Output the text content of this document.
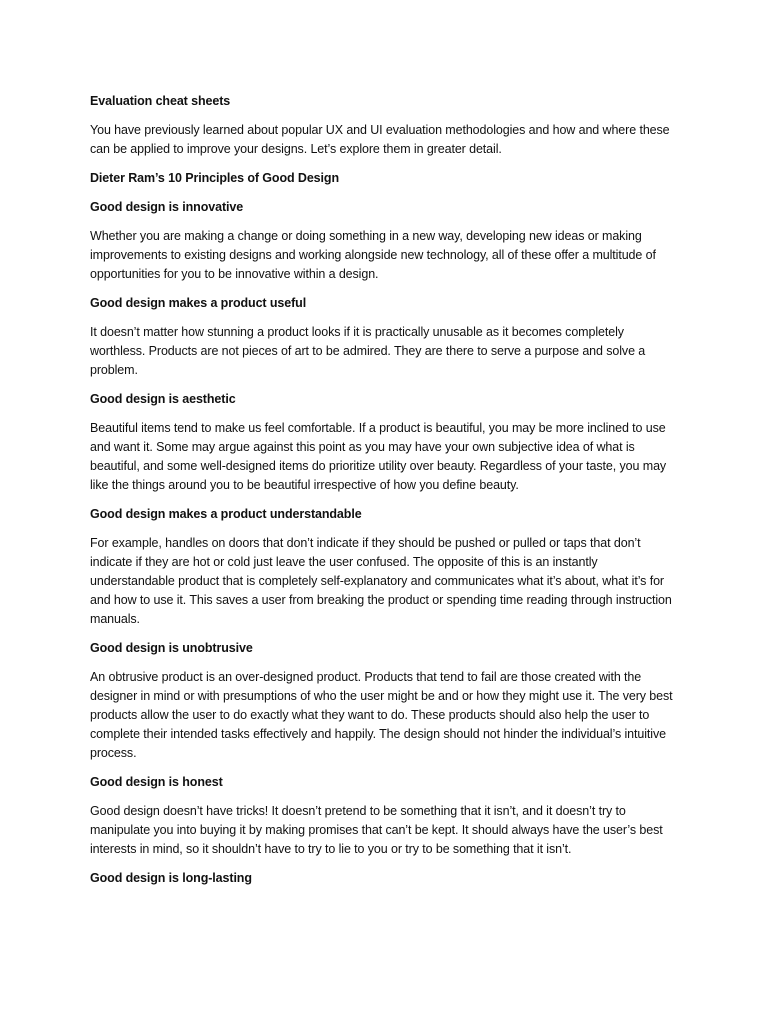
Evaluation cheat sheets

You have previously learned about popular UX and UI evaluation methodologies and how and where these can be applied to improve your designs. Let’s explore them in greater detail.

Dieter Ram’s 10 Principles of Good Design
Good design is innovative

Whether you are making a change or doing something in a new way, developing new ideas or making improvements to existing designs and working alongside new technology, all of these offer a multitude of opportunities for you to be innovative within a design.

Good design makes a product useful

It doesn’t matter how stunning a product looks if it is practically unusable as it becomes completely worthless. Products are not pieces of art to be admired. They are there to serve a purpose and solve a problem.

Good design is aesthetic

Beautiful items tend to make us feel comfortable. If a product is beautiful, you may be more inclined to use and want it. Some may argue against this point as you may have your own subjective idea of what is beautiful, and some well-designed items do prioritize utility over beauty. Regardless of your taste, you may like the things around you to be beautiful irrespective of how you define beauty.

Good design makes a product understandable

For example, handles on doors that don’t indicate if they should be pushed or pulled or taps that don’t indicate if they are hot or cold just leave the user confused. The opposite of this is an instantly understandable product that is completely self-explanatory and communicates what it’s about, what it’s for and how to use it. This saves a user from breaking the product or spending time reading through instruction manuals.

Good design is unobtrusive

An obtrusive product is an over-designed product. Products that tend to fail are those created with the designer in mind or with presumptions of who the user might be and or how they might use it. The very best products allow the user to do exactly what they want to do. These products should also help the user to complete their intended tasks effectively and happily. The design should not hinder the individual’s intuitive process.

Good design is honest

Good design doesn’t have tricks! It doesn’t pretend to be something that it isn’t, and it doesn’t try to manipulate you into buying it by making promises that can’t be kept. It should always have the user’s best interests in mind, so it shouldn’t have to try to lie to you or try to be something that it isn’t.

Good design is long-lasting
